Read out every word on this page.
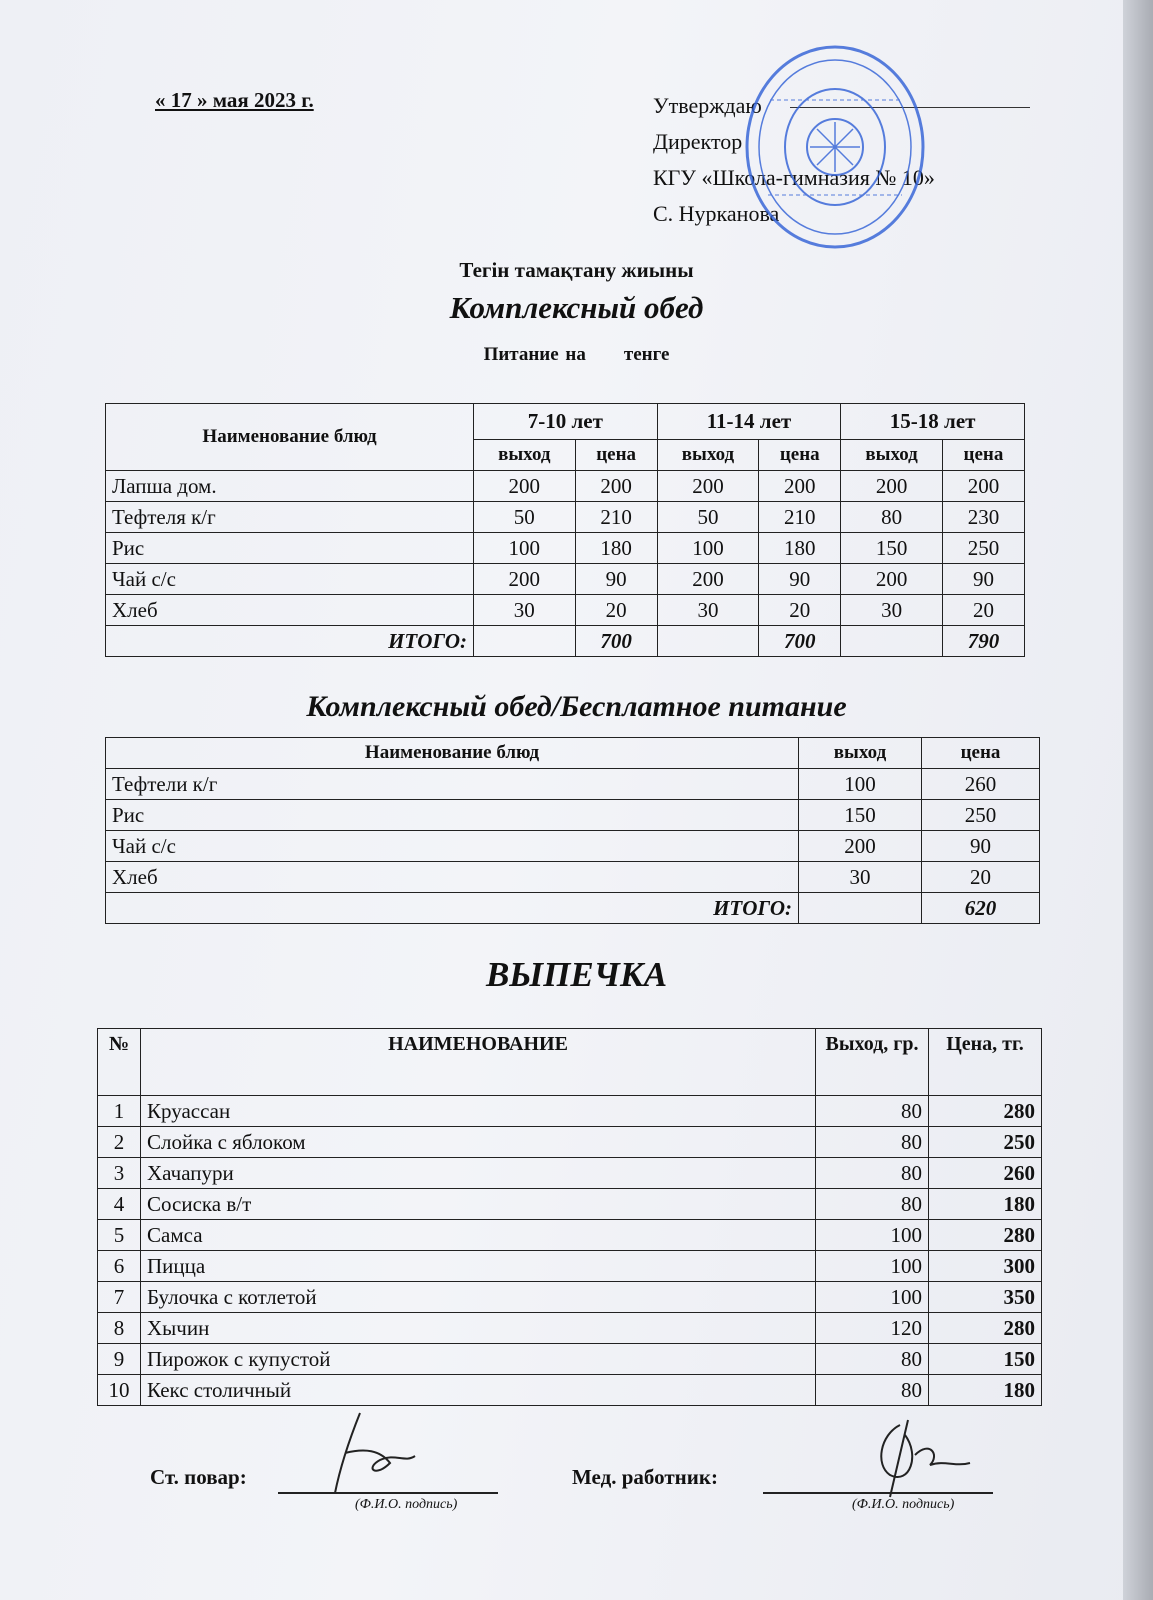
« 17 » мая 2023 г.	Утверждаю
Директор
КГУ «Школа-гимназия № 10»
С. Нурканова
Тегін тамақтану жиыны
Комплексный обед
Питание на тенге
Наименование блюд	7-10 лет		11-14 лет		15-18 лет	
	выход	цена	выход	цена	выход	цена
Лапша дом.	200	200	200	200	200	200
Тефтеля к/г	50	210	50	210	80	230
Рис	100	180	100	180	150	250
Чай с/с	200	90	200	90	200	90
Хлеб	30	20	30	20	30	20
ИТОГО:		700		700		790
Комплексный обед/Бесплатное питание
Наименование блюд	выход	цена
Тефтели к/г	100	260
Рис	150	250
Чай с/с	200	90
Хлеб	30	20
ИТОГО:		620
ВЫПЕЧКА
№	НАИМЕНОВАНИЕ	Выход, гр.	Цена, тг.
1	Круассан	80	280
2	Слойка с яблоком	80	250
3	Хачапури	80	260
4	Сосиска в/т	80	180
5	Самса	100	280
6	Пицца	100	300
7	Булочка с котлетой	100	350
8	Хычин	120	280
9	Пирожок с купустой	80	150
10	Кекс столичный	80	180
Ст. повар:
(Ф.И.О. подпись)
Мед. работник:
(Ф.И.О. подпись)
